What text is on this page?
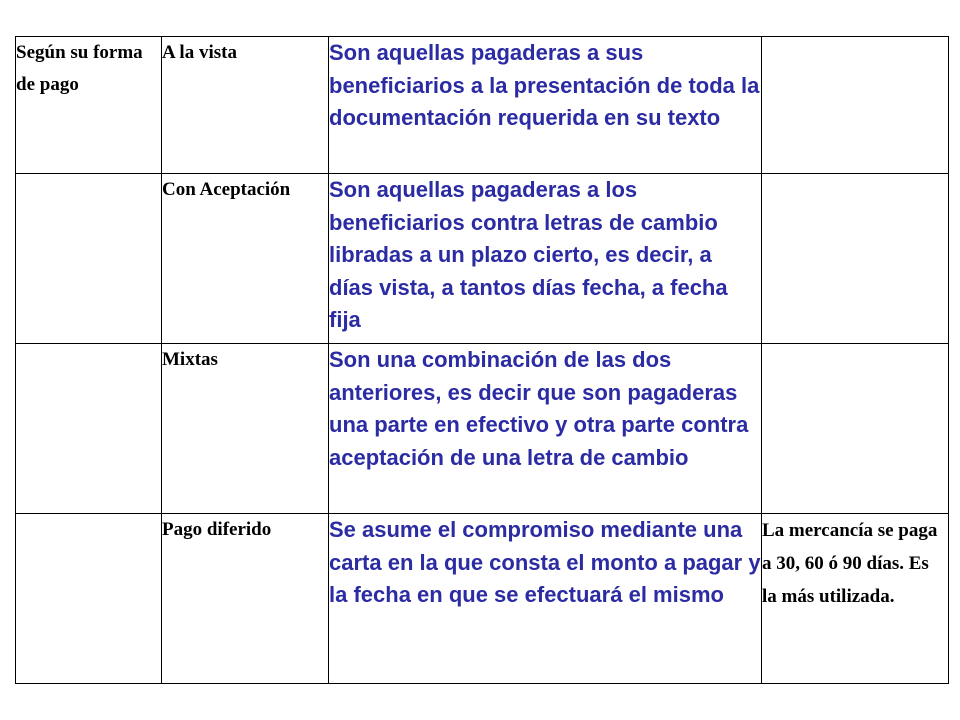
Según su forma de pago	A la vista	Son aquellas pagaderas a sus beneficiarios a la presentación de toda la documentación requerida en su texto	
	Con Aceptación	Son aquellas pagaderas a los beneficiarios contra letras de cambio libradas a un plazo cierto, es decir, a días vista, a tantos días fecha, a fecha fija	
	Mixtas	Son una combinación de las dos anteriores, es decir que son pagaderas una parte en efectivo y otra parte contra aceptación de una letra de cambio	
	Pago diferido	Se asume el compromiso mediante una carta en la que consta el monto a pagar y la fecha en que se efectuará el mismo	La mercancía se paga a 30, 60 ó 90 días. Es la más utilizada.
